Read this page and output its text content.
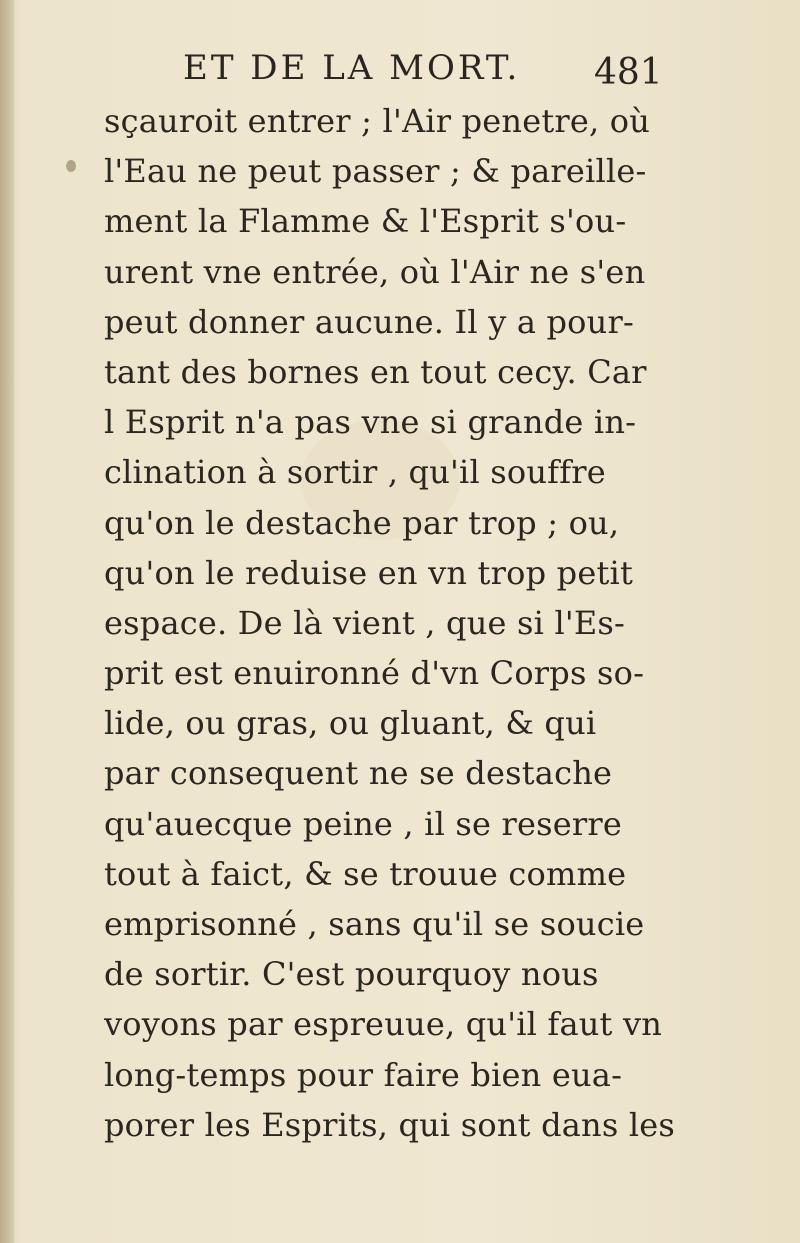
ET DE LA MORT. 481
sçauroit entrer ; l'Air penetre, où
l'Eau ne peut passer ; & pareille-
ment la Flamme & l'Esprit s'ou-
urent vne entrée, où l'Air ne s'en
peut donner aucune. Il y a pour-
tant des bornes en tout cecy. Car
l Esprit n'a pas vne si grande in-
clination à sortir , qu'il souffre
qu'on le destache par trop ; ou,
qu'on le reduise en vn trop petit
espace. De là vient , que si l'Es-
prit est enuironné d'vn Corps so-
lide, ou gras, ou gluant, & qui
par consequent ne se destache
qu'auecque peine , il se reserre
tout à faict, & se trouue comme
emprisonné , sans qu'il se soucie
de sortir. C'est pourquoy nous
voyons par espreuue, qu'il faut vn
long-temps pour faire bien eua-
porer les Esprits, qui sont dans les
